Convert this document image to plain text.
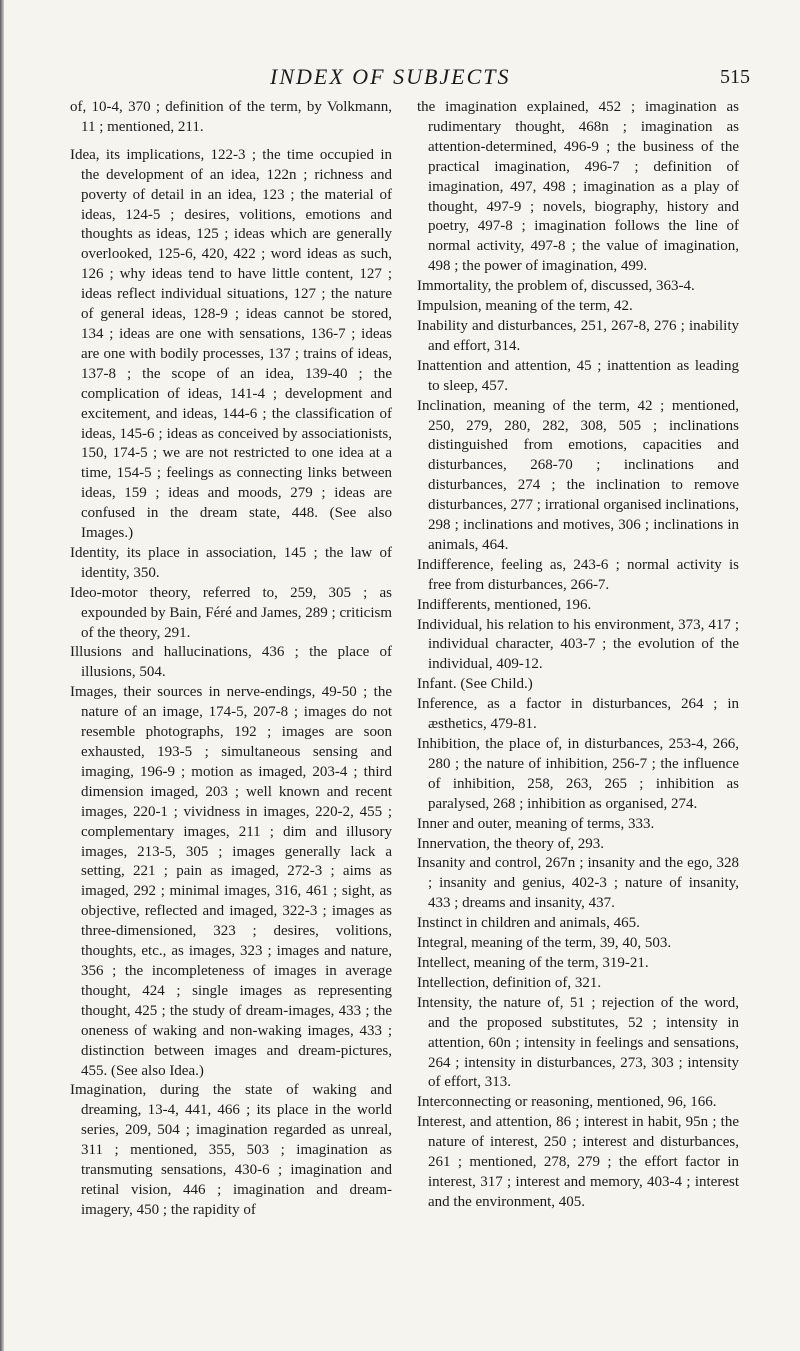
INDEX OF SUBJECTS	515

of, 10-4, 370 ; definition of the term, by Volkmann, 11 ; mentioned, 211.

Idea, its implications, 122-3 ; the time occupied in the development of an idea, 122n ; richness and poverty of detail in an idea, 123 ; the material of ideas, 124-5 ; desires, volitions, emotions and thoughts as ideas, 125 ; ideas which are generally overlooked, 125-6, 420, 422 ; word ideas as such, 126 ; why ideas tend to have little content, 127 ; ideas reflect individual situations, 127 ; the nature of general ideas, 128-9 ; ideas cannot be stored, 134 ; ideas are one with sensations, 136-7 ; ideas are one with bodily processes, 137 ; trains of ideas, 137-8 ; the scope of an idea, 139-40 ; the complication of ideas, 141-4 ; development and excitement, and ideas, 144-6 ; the classification of ideas, 145-6 ; ideas as conceived by associationists, 150, 174-5 ; we are not restricted to one idea at a time, 154-5 ; feelings as connecting links between ideas, 159 ; ideas and moods, 279 ; ideas are confused in the dream state, 448. (See also Images.)

Identity, its place in association, 145 ; the law of identity, 350.

Ideo-motor theory, referred to, 259, 305 ; as expounded by Bain, Féré and James, 289 ; criticism of the theory, 291.

Illusions and hallucinations, 436 ; the place of illusions, 504.

Images, their sources in nerve-endings, 49-50 ; the nature of an image, 174-5, 207-8 ; images do not resemble photographs, 192 ; images are soon exhausted, 193-5 ; simultaneous sensing and imaging, 196-9 ; motion as imaged, 203-4 ; third dimension imaged, 203 ; well known and recent images, 220-1 ; vividness in images, 220-2, 455 ; complementary images, 211 ; dim and illusory images, 213-5, 305 ; images generally lack a setting, 221 ; pain as imaged, 272-3 ; aims as imaged, 292 ; minimal images, 316, 461 ; sight, as objective, reflected and imaged, 322-3 ; images as three-dimensioned, 323 ; desires, volitions, thoughts, etc., as images, 323 ; images and nature, 356 ; the incompleteness of images in average thought, 424 ; single images as representing thought, 425 ; the study of dream-images, 433 ; the oneness of waking and non-waking images, 433 ; distinction between images and dream-pictures, 455. (See also Idea.)

Imagination, during the state of waking and dreaming, 13-4, 441, 466 ; its place in the world series, 209, 504 ; imagination regarded as unreal, 311 ; mentioned, 355, 503 ; imagination as transmuting sensations, 430-6 ; imagination and retinal vision, 446 ; imagination and dream-imagery, 450 ; the rapidity of

the imagination explained, 452 ; imagination as rudimentary thought, 468n ; imagination as attention-determined, 496-9 ; the business of the practical imagination, 496-7 ; definition of imagination, 497, 498 ; imagination as a play of thought, 497-9 ; novels, biography, history and poetry, 497-8 ; imagination follows the line of normal activity, 497-8 ; the value of imagination, 498 ; the power of imagination, 499.

Immortality, the problem of, discussed, 363-4.

Impulsion, meaning of the term, 42.

Inability and disturbances, 251, 267-8, 276 ; inability and effort, 314.

Inattention and attention, 45 ; inattention as leading to sleep, 457.

Inclination, meaning of the term, 42 ; mentioned, 250, 279, 280, 282, 308, 505 ; inclinations distinguished from emotions, capacities and disturbances, 268-70 ; inclinations and disturbances, 274 ; the inclination to remove disturbances, 277 ; irrational organised inclinations, 298 ; inclinations and motives, 306 ; inclinations in animals, 464.

Indifference, feeling as, 243-6 ; normal activity is free from disturbances, 266-7.

Indifferents, mentioned, 196.

Individual, his relation to his environment, 373, 417 ; individual character, 403-7 ; the evolution of the individual, 409-12.

Infant. (See Child.)

Inference, as a factor in disturbances, 264 ; in æsthetics, 479-81.

Inhibition, the place of, in disturbances, 253-4, 266, 280 ; the nature of inhibition, 256-7 ; the influence of inhibition, 258, 263, 265 ; inhibition as paralysed, 268 ; inhibition as organised, 274.

Inner and outer, meaning of terms, 333.

Innervation, the theory of, 293.

Insanity and control, 267n ; insanity and the ego, 328 ; insanity and genius, 402-3 ; nature of insanity, 433 ; dreams and insanity, 437.

Instinct in children and animals, 465.

Integral, meaning of the term, 39, 40, 503.

Intellect, meaning of the term, 319-21.

Intellection, definition of, 321.

Intensity, the nature of, 51 ; rejection of the word, and the proposed substitutes, 52 ; intensity in attention, 60n ; intensity in feelings and sensations, 264 ; intensity in disturbances, 273, 303 ; intensity of effort, 313.

Interconnecting or reasoning, mentioned, 96, 166.

Interest, and attention, 86 ; interest in habit, 95n ; the nature of interest, 250 ; interest and disturbances, 261 ; mentioned, 278, 279 ; the effort factor in interest, 317 ; interest and memory, 403-4 ; interest and the environment, 405.
